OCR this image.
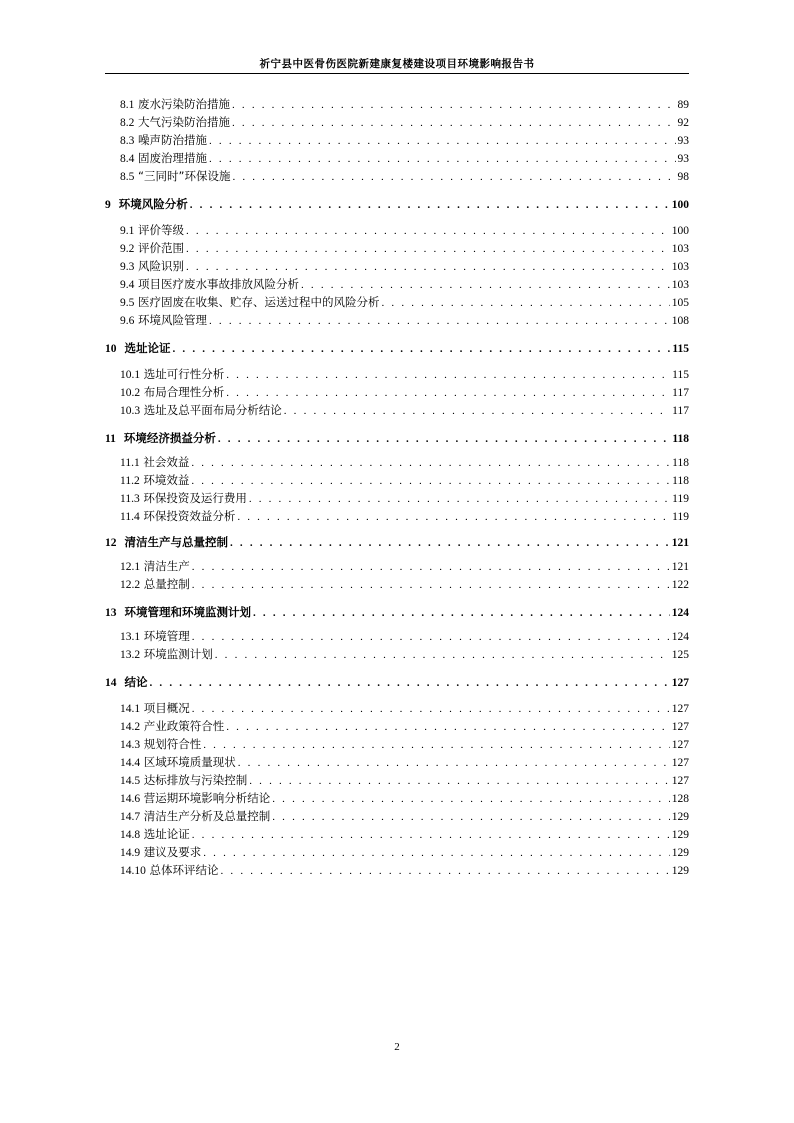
祈宁县中医骨伤医院新建康复楼建设项目环境影响报告书
8.1 废水污染防治措施 . . .	89
8.2 大气污染防治措施 . . .	92
8.3 噪声防治措施 . . .	93
8.4 固废治理措施 . . .	93
8.5 “三同时”环保设施 . . .	98
9 环境风险分析 . . .	100
9.1 评价等级 . . .	100
9.2 评价范围 . . .	103
9.3 风险识别 . . .	103
9.4 项目医疗废水事故排放风险分析 . . .	103
9.5 医疗固废在收集、贮存、运送过程中的风险分析 . . .	105
9.6 环境风险管理 . . .	108
10 选址论证 . . .	115
10.1 选址可行性分析 . . .	115
10.2 布局合理性分析 . . .	117
10.3 选址及总平面布局分析结论 . . .	117
11 环境经济损益分析 . . .	118
11.1 社会效益 . . .	118
11.2 环境效益 . . .	118
11.3 环保投资及运行费用 . . .	119
11.4 环保投资效益分析 . . .	119
12 清洁生产与总量控制 . . .	121
12.1 清洁生产 . . .	121
12.2 总量控制 . . .	122
13 环境管理和环境监测计划 . . .	124
13.1 环境管理 . . .	124
13.2 环境监测计划 . . .	125
14 结论 . . .	127
14.1 项目概况 . . .	127
14.2 产业政策符合性 . . .	127
14.3 规划符合性 . . .	127
14.4 区域环境质量现状 . . .	127
14.5 达标排放与污染控制 . . .	127
14.6 营运期环境影响分析结论 . . .	128
14.7 清洁生产分析及总量控制 . . .	129
14.8 选址论证 . . .	129
14.9 建议及要求 . . .	129
14.10 总体环评结论 . . .	129
2
